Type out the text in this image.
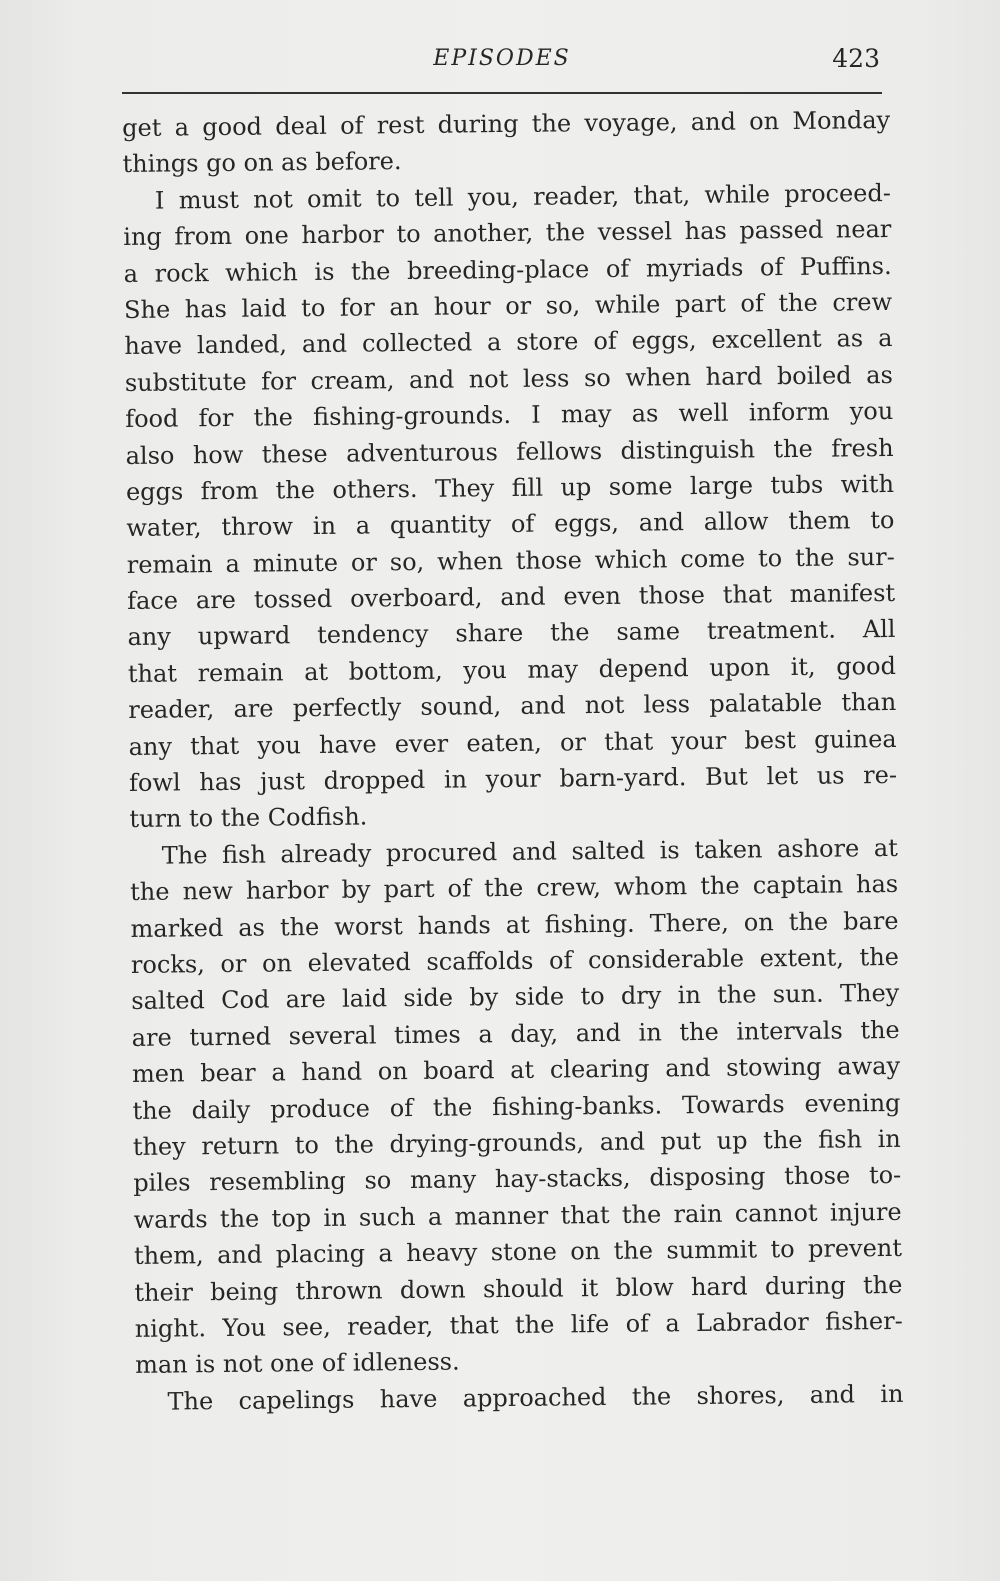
EPISODES	423
get a good deal of rest during the voyage, and on Monday
things go on as before.
I must not omit to tell you, reader, that, while proceed-
ing from one harbor to another, the vessel has passed near
a rock which is the breeding-place of myriads of Puffins.
She has laid to for an hour or so, while part of the crew
have landed, and collected a store of eggs, excellent as a
substitute for cream, and not less so when hard boiled as
food for the fishing-grounds. I may as well inform you
also how these adventurous fellows distinguish the fresh
eggs from the others. They fill up some large tubs with
water, throw in a quantity of eggs, and allow them to
remain a minute or so, when those which come to the sur-
face are tossed overboard, and even those that manifest
any upward tendency share the same treatment. All
that remain at bottom, you may depend upon it, good
reader, are perfectly sound, and not less palatable than
any that you have ever eaten, or that your best guinea
fowl has just dropped in your barn-yard. But let us re-
turn to the Codfish.
The fish already procured and salted is taken ashore at
the new harbor by part of the crew, whom the captain has
marked as the worst hands at fishing. There, on the bare
rocks, or on elevated scaffolds of considerable extent, the
salted Cod are laid side by side to dry in the sun. They
are turned several times a day, and in the intervals the
men bear a hand on board at clearing and stowing away
the daily produce of the fishing-banks. Towards evening
they return to the drying-grounds, and put up the fish in
piles resembling so many hay-stacks, disposing those to-
wards the top in such a manner that the rain cannot injure
them, and placing a heavy stone on the summit to prevent
their being thrown down should it blow hard during the
night. You see, reader, that the life of a Labrador fisher-
man is not one of idleness.
The capelings have approached the shores, and in
